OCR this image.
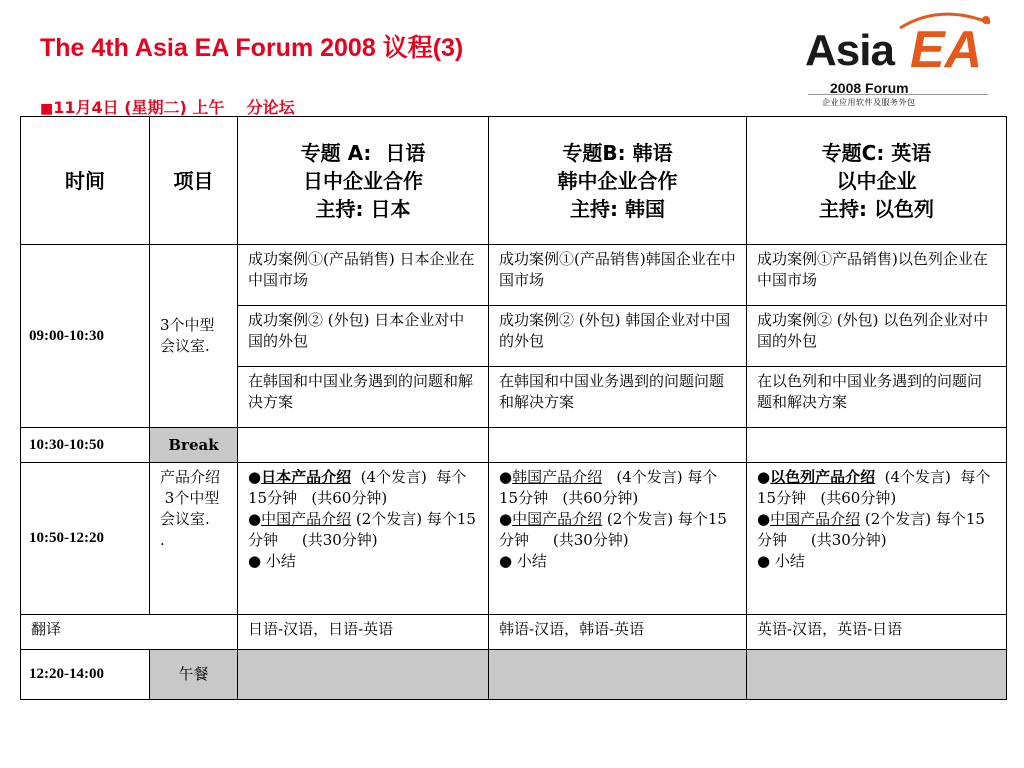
The 4th Asia EA Forum 2008 议程(3)
■11月4日 (星期二) 上午    分论坛
Asia EA
2008 Forum
企业应用软件及服务外包
时间	项目	专题 A:  日语
日中企业合作
主持: 日本	专题B: 韩语
韩中企业合作
主持: 韩国	专题C: 英语
以中企业
主持: 以色列

09:00-10:30	3个中型会议室.	成功案例①(产品销售) 日本企业在中国市场	成功案例①(产品销售)韩国企业在中国市场	成功案例①产品销售)以色列企业在中国市场
		成功案例② (外包) 日本企业对中国的外包	成功案例② (外包) 韩国企业对中国的外包	成功案例② (外包) 以色列企业对中国的外包
		在韩国和中国业务遇到的问题和解决方案	在韩国和中国业务遇到的问题问题和解决方案	在以色列和中国业务遇到的问题问题和解决方案
10:30-10:50	Break			
10:50-12:20	产品介绍
3个中型会议室.
.	●日本产品介绍  (4个发言)  每个15分钟   (共60分钟)
●中国产品介绍 (2个发言) 每个15分钟     (共30分钟)
● 小结	●韩国产品介绍   (4个发言) 每个15分钟   (共60分钟)
●中国产品介绍 (2个发言) 每个15分钟     (共30分钟)
● 小结	●以色列产品介绍  (4个发言)  每个15分钟   (共60分钟)
●中国产品介绍 (2个发言) 每个15分钟     (共30分钟)
● 小结
翻译		日语-汉语，日语-英语	韩语-汉语，韩语-英语	英语-汉语，英语-日语
12:20-14:00	午餐			
